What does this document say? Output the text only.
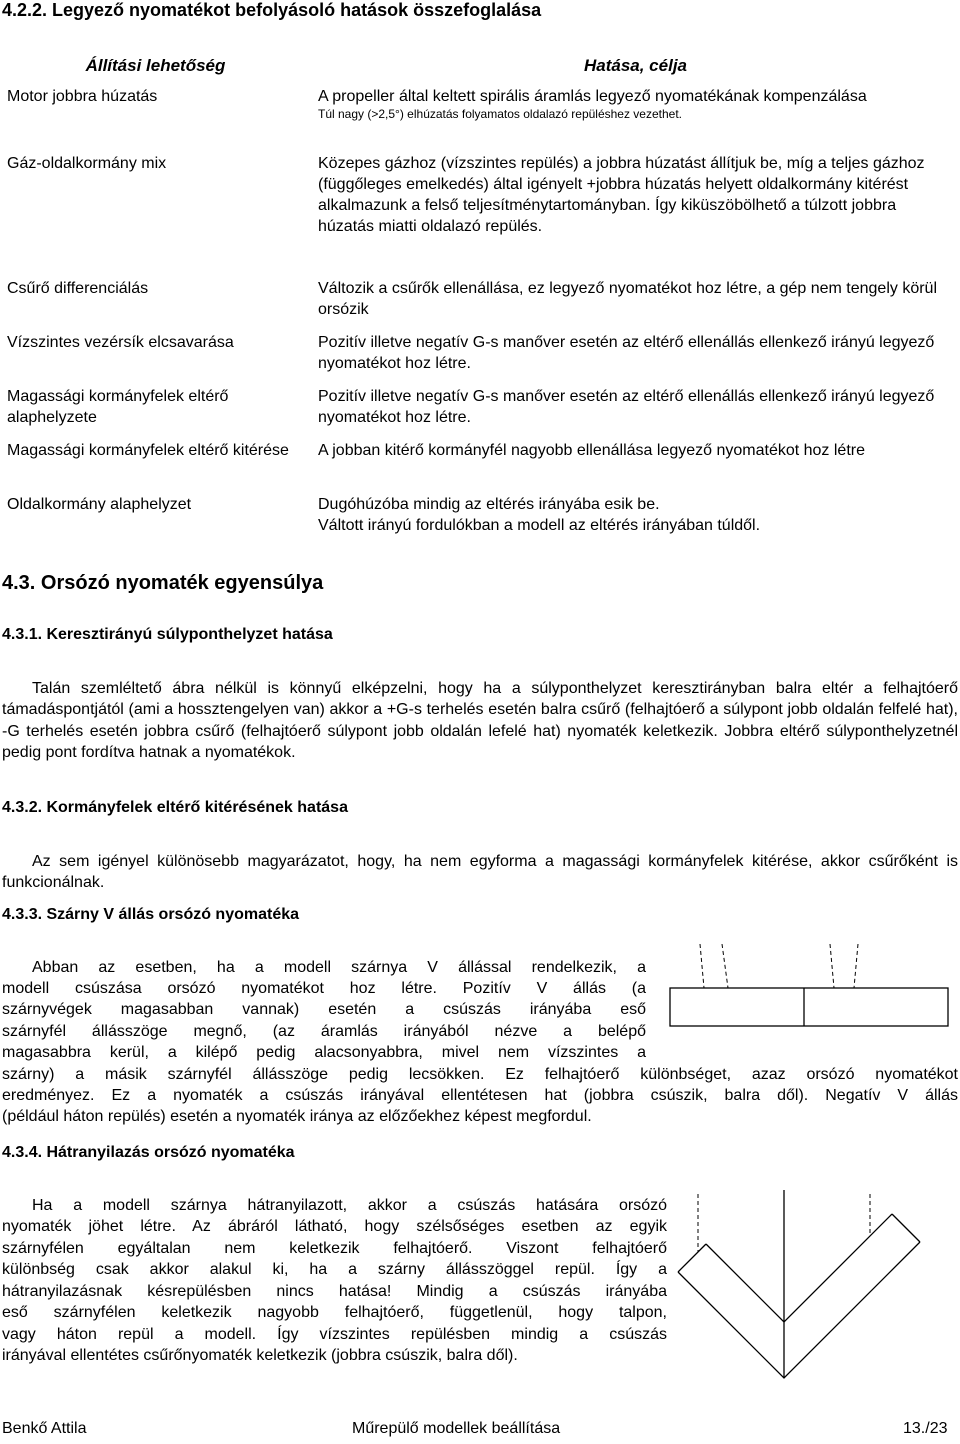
4.2.2. Legyező nyomatékot befolyásoló hatások összefoglalása
Állítási lehetőség	Hatása, célja
Motor jobbra húzatás	A propeller által keltett spirális áramlás legyező nyomatékának kompenzálása
Túl nagy (>2,5°) elhúzatás folyamatos oldalazó repüléshez vezethet.

Gáz-oldalkormány mix	Közepes gázhoz (vízszintes repülés) a jobbra húzatást állítjuk be, míg a teljes gázhoz (függőleges emelkedés) által igényelt +jobbra húzatás helyett oldalkormány kitérést alkalmazunk a felső teljesítménytartományban. Így kiküszöbölhető a túlzott jobbra húzatás miatti oldalazó repülés.
Csűrő differenciálás	Változik a csűrők ellenállása, ez legyező nyomatékot hoz létre, a gép nem tengely körül orsózik
Vízszintes vezérsík elcsavarása	Pozitív illetve negatív G-s manőver esetén az eltérő ellenállás ellenkező irányú legyező nyomatékot hoz létre.
Magassági kormányfelek eltérő alaphelyzete	Pozitív illetve negatív G-s manőver esetén az eltérő ellenállás ellenkező irányú legyező nyomatékot hoz létre.
Magassági kormányfelek eltérő kitérése	A jobban kitérő kormányfél nagyobb ellenállása legyező nyomatékot hoz létre
Oldalkormány alaphelyzet	Dugóhúzóba mindig az eltérés irányába esik be.
Váltott irányú fordulókban a modell az eltérés irányában túldől.
4.3. Orsózó nyomaték egyensúlya
4.3.1. Keresztirányú súlyponthelyzet hatása
Talán szemléltető ábra nélkül is könnyű elképzelni, hogy ha a súlyponthelyzet keresztirányban balra eltér a felhajtóerő támadáspontjától (ami a hossztengelyen van) akkor a +G-s terhelés esetén balra csűrő (felhajtóerő a súlypont jobb oldalán felfelé hat), -G terhelés esetén jobbra csűrő (felhajtóerő súlypont jobb oldalán lefelé hat) nyomaték keletkezik. Jobbra eltérő súlyponthelyzetnél pedig pont fordítva hatnak a nyomatékok.
4.3.2. Kormányfelek eltérő kitérésének hatása
Az sem igényel különösebb magyarázatot, hogy, ha nem egyforma a magassági kormányfelek kitérése, akkor csűrőként is funkcionálnak.
4.3.3. Szárny V állás orsózó nyomatéka
Abban az esetben, ha a modell szárnya V állással rendelkezik, a
modell csúszása orsózó nyomatékot hoz létre. Pozitív V állás (a
szárnyvégek magasabban vannak) esetén a csúszás irányába eső
szárnyfél állásszöge megnő, (az áramlás irányából nézve a belépő
magasabbra kerül, a kilépő pedig alacsonyabbra, mivel nem vízszintes a
szárny) a másik szárnyfél állásszöge pedig lecsökken. Ez felhajtóerő különbséget, azaz orsózó nyomatékot
eredményez. Ez a nyomaték a csúszás irányával ellentétesen hat (jobbra csúszik, balra dől). Negatív V állás
(például háton repülés) esetén a nyomaték iránya az előzőekhez képest megfordul.
4.3.4. Hátranyilazás orsózó nyomatéka
Ha a modell szárnya hátranyilazott, akkor a csúszás hatására orsózó
nyomaték jöhet létre. Az ábráról látható, hogy szélsőséges esetben az egyik
szárnyfélen egyáltalan nem keletkezik felhajtóerő. Viszont felhajtóerő
különbség csak akkor alakul ki, ha a szárny állásszöggel repül. Így a
hátranyilazásnak késrepülésben nincs hatása! Mindig a csúszás irányába
eső szárnyfélen keletkezik nagyobb felhajtóerő, függetlenül, hogy talpon,
vagy háton repül a modell. Így vízszintes repülésben mindig a csúszás
irányával ellentétes csűrőnyomaték keletkezik (jobbra csúszik, balra dől).
Benkő Attila	Műrepülő modellek beállítása	13./23
